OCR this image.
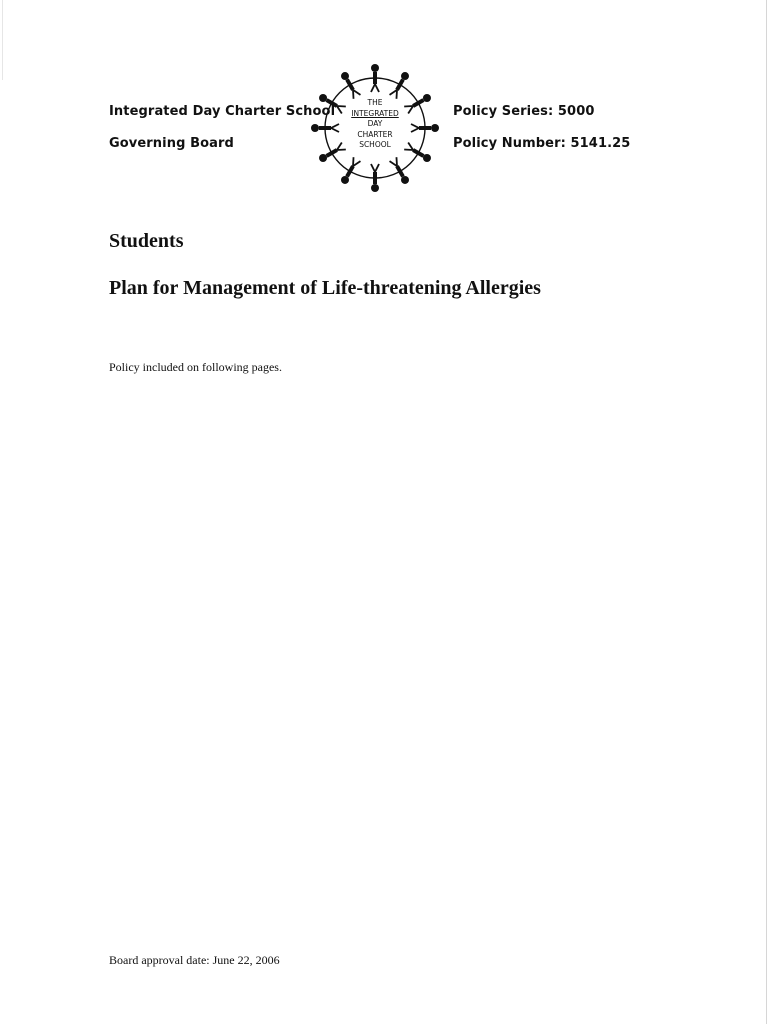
Integrated Day Charter School
Governing Board
Policy Series: 5000
Policy Number: 5141.25
THE
INTEGRATED
DAY
CHARTER
SCHOOL
Students
Plan for Management of Life-threatening Allergies
Policy included on following pages.
Board approval date: June 22, 2006
